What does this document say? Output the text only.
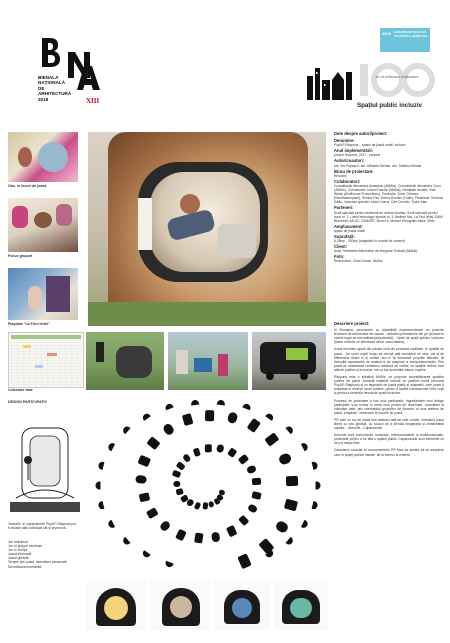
BIENALA
NAȚIONALĂ
DE
ARHITECTURĂ
2018	XIII
2018 EUROPEAN YEAR OF CULTURAL HERITAGE
ani de arhitectura românească
Spațiul public incluziv
Obs. în locuri de joacă
Focus grupuri
Playdate "La Firul Ierbii"
Colectare date
DESIGN PARTICIPATIV
Date despre autori/proiect:
Denumire:
PopUP Răspuns – spațiu de joacă mobil, incluziv
Anul implementării:
proiect recurent, 2017 - prezent
Autor/coautori:
arh. Iris Popescu, arh. Mihaela Șerban, arh. Sabrina Ahmad
Birou de proiectare:
Rhizome
Colaboratori:
Consultanță: Alexandra Anastasiu (AMAIs), Consultanță: Alexandra Cozu (AMAIs), Comunicare: Ioana Enache (AMAIs), Identitate vizuală: Vlad Weiss (Wolfhouse Productions), Producție: Sorin Chincea (NeoMakerspace), Simina Fiat, Sorina Dumitru (Hulle), Partenriat: Teodora Sălitu, Voluntari speciali: Iulian Ciorna, Cert Cerchin, Tudor Alau
Parteneri:
Școli speciale pentru deficienți de vedere Auxiliar, Școli speciale pentru surzi nr. 1, Liceul tehnologic special nr. 3, Ateliere Moi, La Firul Ierbii, DAIN București, AR-AC, DGASPC Sector 6, Muzeul Etnografic Astra, Sibiu
Amplasament:
spațiu de joacă mobil
Suprafață:
6.25mp - 200mp (adaptabil în funcție de context)
Client:
Asoc. Metodelor Alternative de Integrare Socială (AMAIs)
Foto:
Rează Anto, Clara Dumin, AMAIs
Descriere proiect:
În România, persoanele cu dizabilități experimentează un puternic fenomen de autoizolare din cauza: - atitudinii persoanelor din jur (inclusiv la nivelul legal de mentalitate/prejudecată); - lipsei de spații publice incluzive (factor obiectiv ce afectează direct comunitatea).
Acest fenomen apare din păcate încă din perioada copilăriei, în spațiile de joacă - loc unde copiii încep să devină atât conștienți de sine, cât și de diferențele dintre ei și ceilalți, aici ei își formează propriile atitudini, își dezvoltă capacitatea de analiză și de adaptare a comportamentului. Prin joacă se modelează caracterul adultului de mâine; se spațiile nefiind încă atât de publice și incluzive, ele nu fac accesibile tuturor copiilor.
Răspuns este o inițiativă AMAIs, ce propune accesibilizarea spațiilor publice de joacă. Această inițiativă include un pavilion mobil (denumit PopUP Răspuns) și un dispozitiv de joacă pliabil și adaptabil, care poate fi amplasat în diverse locuri publice, pentru a facilita interacțiunea între copii și pentru a semnala nevoia de spații incluzive.
Procesul de proiectare a fost unul participativ. Ingredientele unui design participativ s-au extras în urma unui proces de observare, consultare și colectare date: prin intermediul grupurilor de discuție, al unor ateliere de joacă, 'playdate', observare la locurile de joacă.
PR este un loc de joacă mai abstract față de cele uzuale, îmbinând joaca liberă cu cea ghidată, cu scopul de a stimula imaginația și creativitatea copiilor: - Armurile - Caparoanele
Armurile sunt instrumente modulare, interconectabile și multifuncționale, proiectate pentru a se afla-n spațiul public. Caparoanele sunt elemente ce se pot mișca liber.
Caracterul modular al componentelor PR face ca acesta să se adapteze ușor în spații publice variate, de la interior la exterior.
'Armurile' și 'caparoanele' PopUP Răspuns pot fi folosite atât individual cât și împreună.
Joc individual
Joc în grupuri mici/mari
Joc în echipe
Joacă informală
Joacă ghidată
Terapie prin joacă, dezvoltare personală
Dezvoltarea motricității
